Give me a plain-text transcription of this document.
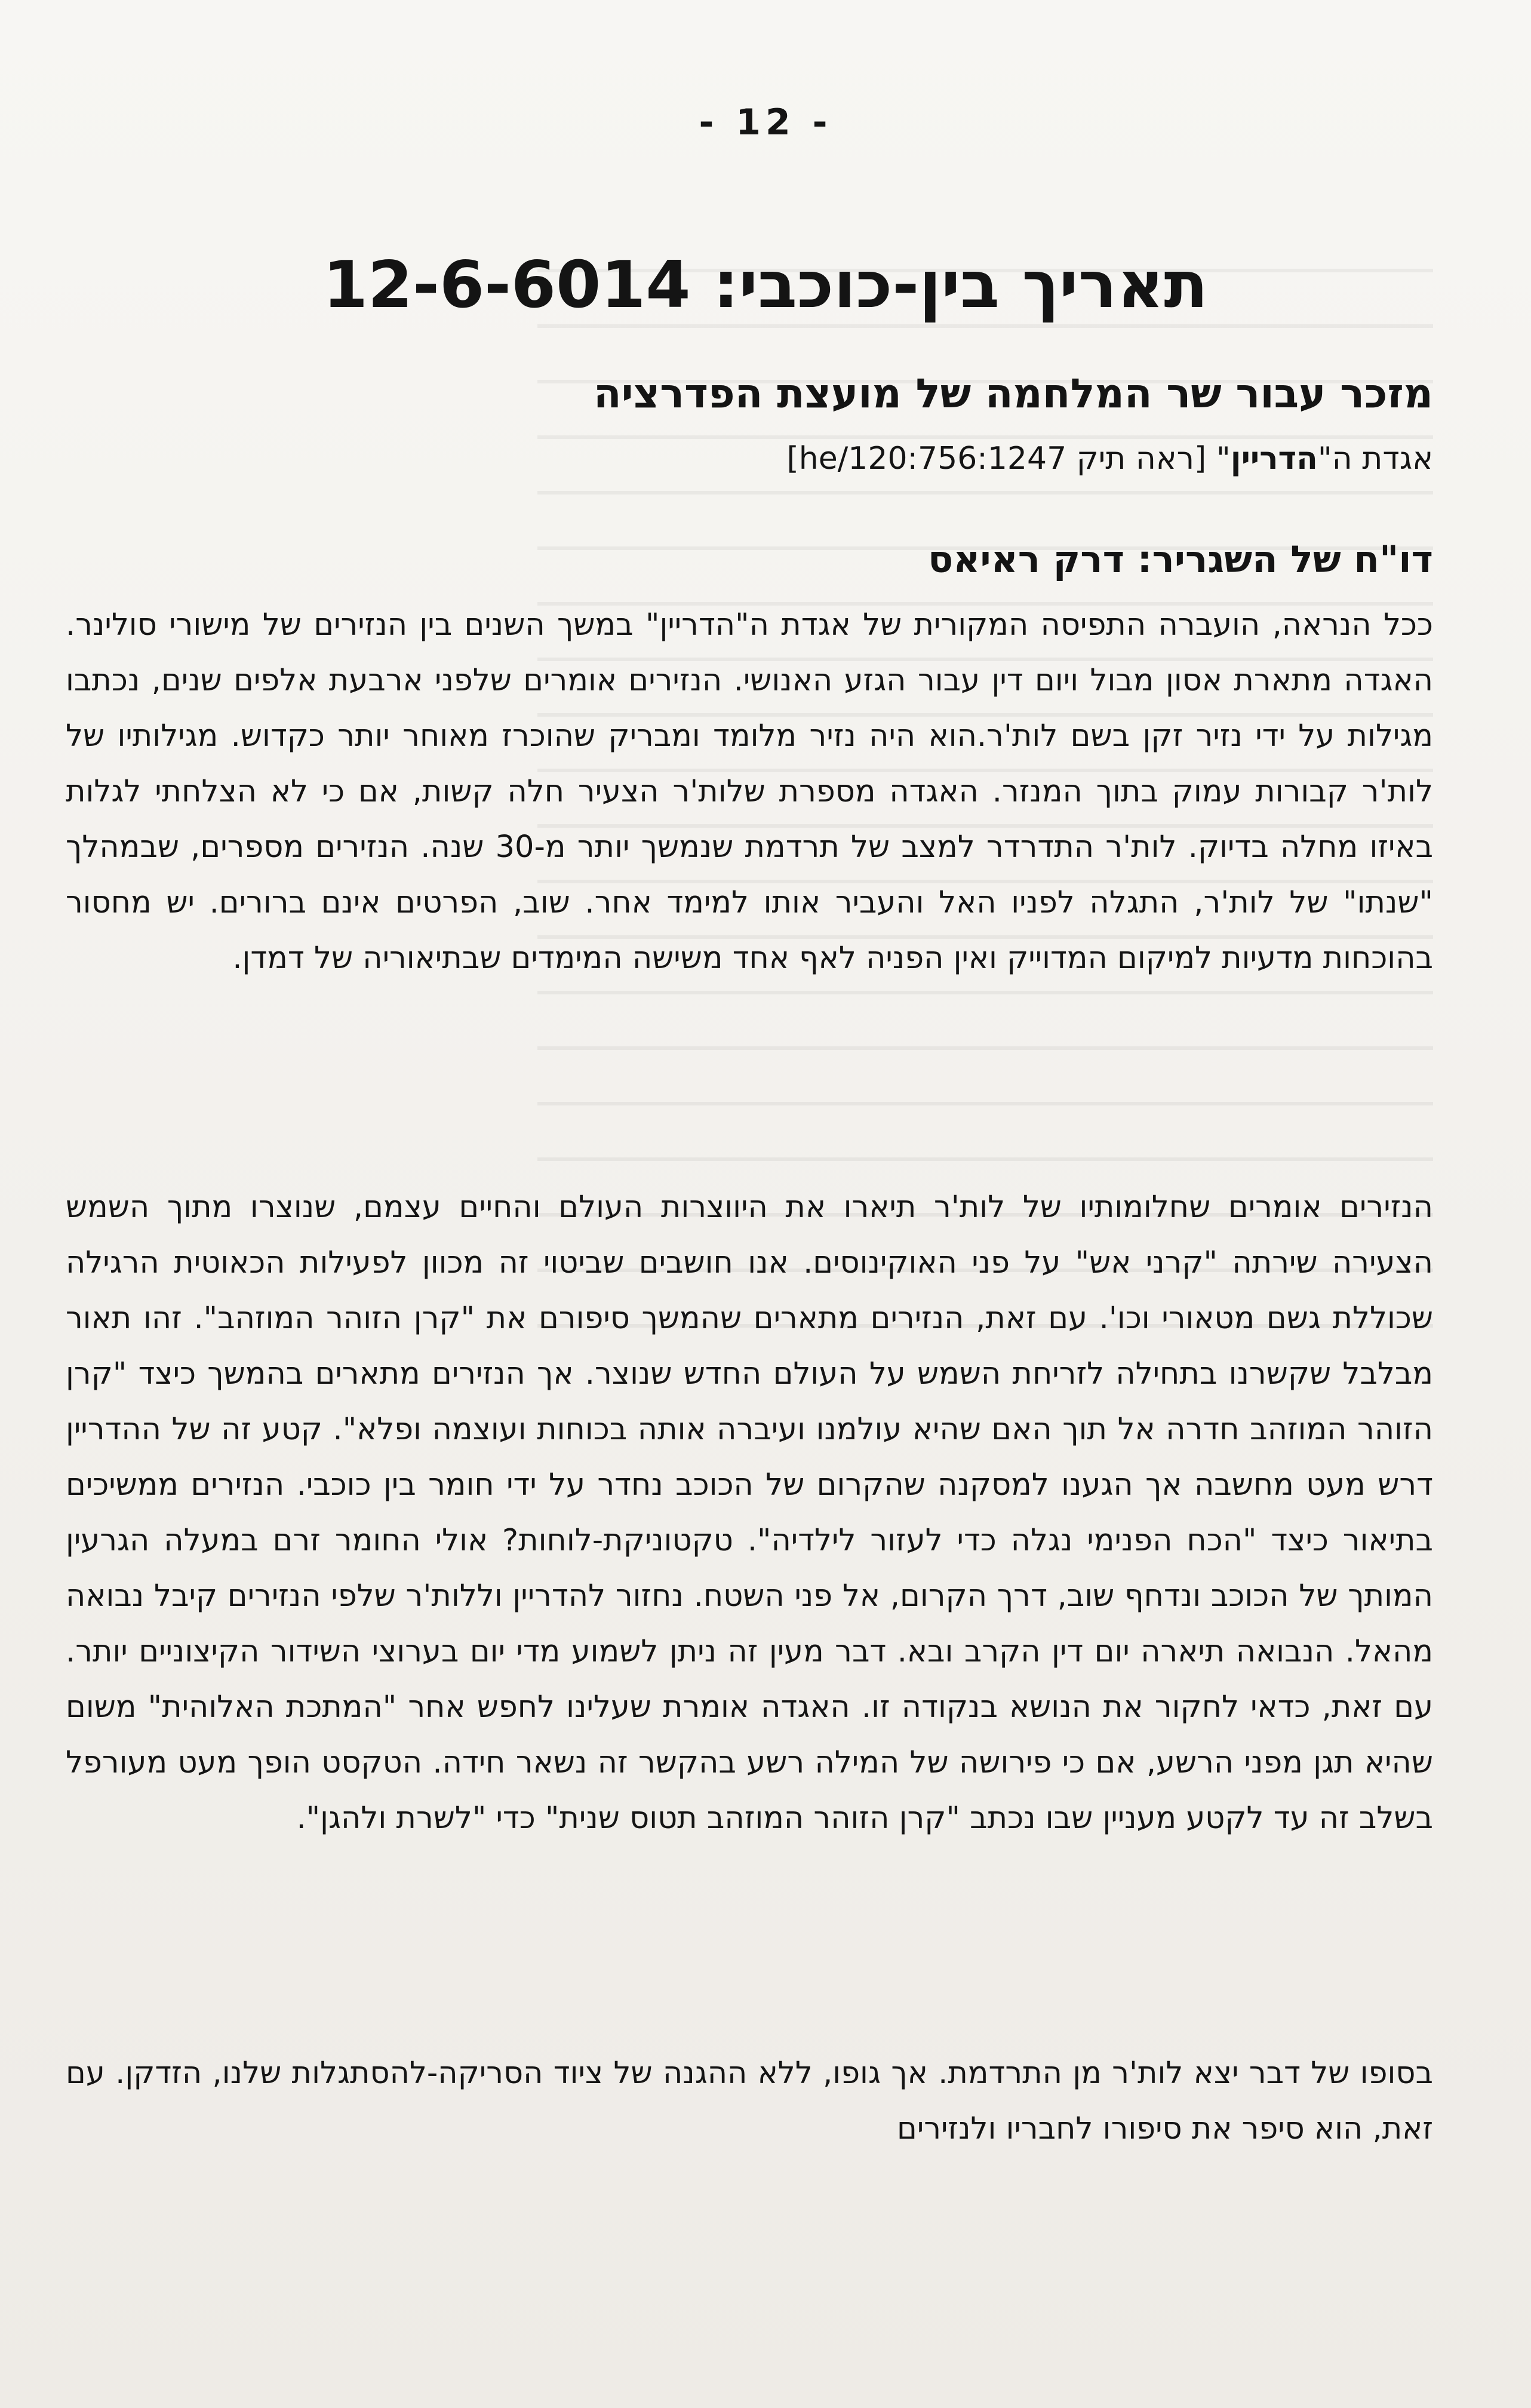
- 12 -
תאריך בין-כוכבי: 12-6-6014
מזכר עבור שר המלחמה של מועצת הפדרציה

אגדת ה"הדריין" [ראה תיק 120:756:1247/he]

דו"ח של השגריר: דרק ראיאס

ככל הנראה, הועברה התפיסה המקורית של אגדת ה"הדריין" במשך השנים בין הנזירים של מישורי סולינר. האגדה מתארת אסון מבול ויום דין עבור הגזע האנושי. הנזירים אומרים שלפני ארבעת אלפים שנים, נכתבו מגילות על ידי נזיר זקן בשם לות'ר.הוא היה נזיר מלומד ומבריק שהוכרז מאוחר יותר כקדוש. מגילותיו של לות'ר קבורות עמוק בתוך המנזר. האגדה מספרת שלות'ר הצעיר חלה קשות, אם כי לא הצלחתי לגלות באיזו מחלה בדיוק. לות'ר התדרדר למצב של תרדמת שנמשך יותר מ-30 שנה. הנזירים מספרים, שבמהלך "שנתו" של לות'ר, התגלה לפניו האל והעביר אותו למימד אחר. שוב, הפרטים אינם ברורים. יש מחסור בהוכחות מדעיות למיקום המדוייק ואין הפניה לאף אחד משישה המימדים שבתיאוריה של דמדן.

הנזירים אומרים שחלומותיו של לות'ר תיארו את היווצרות העולם והחיים עצמם, שנוצרו מתוך השמש הצעירה שירתה "קרני אש" על פני האוקינוסים. אנו חושבים שביטוי זה מכוון לפעילות הכאוטית הרגילה שכוללת גשם מטאורי וכו'. עם זאת, הנזירים מתארים שהמשך סיפורם את "קרן הזוהר המוזהב". זהו תאור מבלבל שקשרנו בתחילה לזריחת השמש על העולם החדש שנוצר. אך הנזירים מתארים בהמשך כיצד "קרן הזוהר המוזהב חדרה אל תוך האם שהיא עולמנו ועיברה אותה בכוחות ועוצמה ופלא". קטע זה של ההדריין דרש מעט מחשבה אך הגענו למסקנה שהקרום של הכוכב נחדר על ידי חומר בין כוכבי. הנזירים ממשיכים בתיאור כיצד "הכח הפנימי נגלה כדי לעזור לילדיה". טקטוניקת-לוחות? אולי החומר זרם במעלה הגרעין המותך של הכוכב ונדחף שוב, דרך הקרום, אל פני השטח. נחזור להדריין וללות'ר שלפי הנזירים קיבל נבואה מהאל. הנבואה תיארה יום דין הקרב ובא. דבר מעין זה ניתן לשמוע מדי יום בערוצי השידור הקיצוניים יותר. עם זאת, כדאי לחקור את הנושא בנקודה זו. האגדה אומרת שעלינו לחפש אחר "המתכת האלוהית" משום שהיא תגן מפני הרשע, אם כי פירושה של המילה רשע בהקשר זה נשאר חידה. הטקסט הופך מעט מעורפל בשלב זה עד לקטע מעניין שבו נכתב "קרן הזוהר המוזהב תטוס שנית" כדי "לשרת ולהגן".

בסופו של דבר יצא לות'ר מן התרדמת. אך גופו, ללא ההגנה של ציוד הסריקה-להסתגלות שלנו, הזדקן. עם זאת, הוא סיפר את סיפורו לחבריו ולנזירים
